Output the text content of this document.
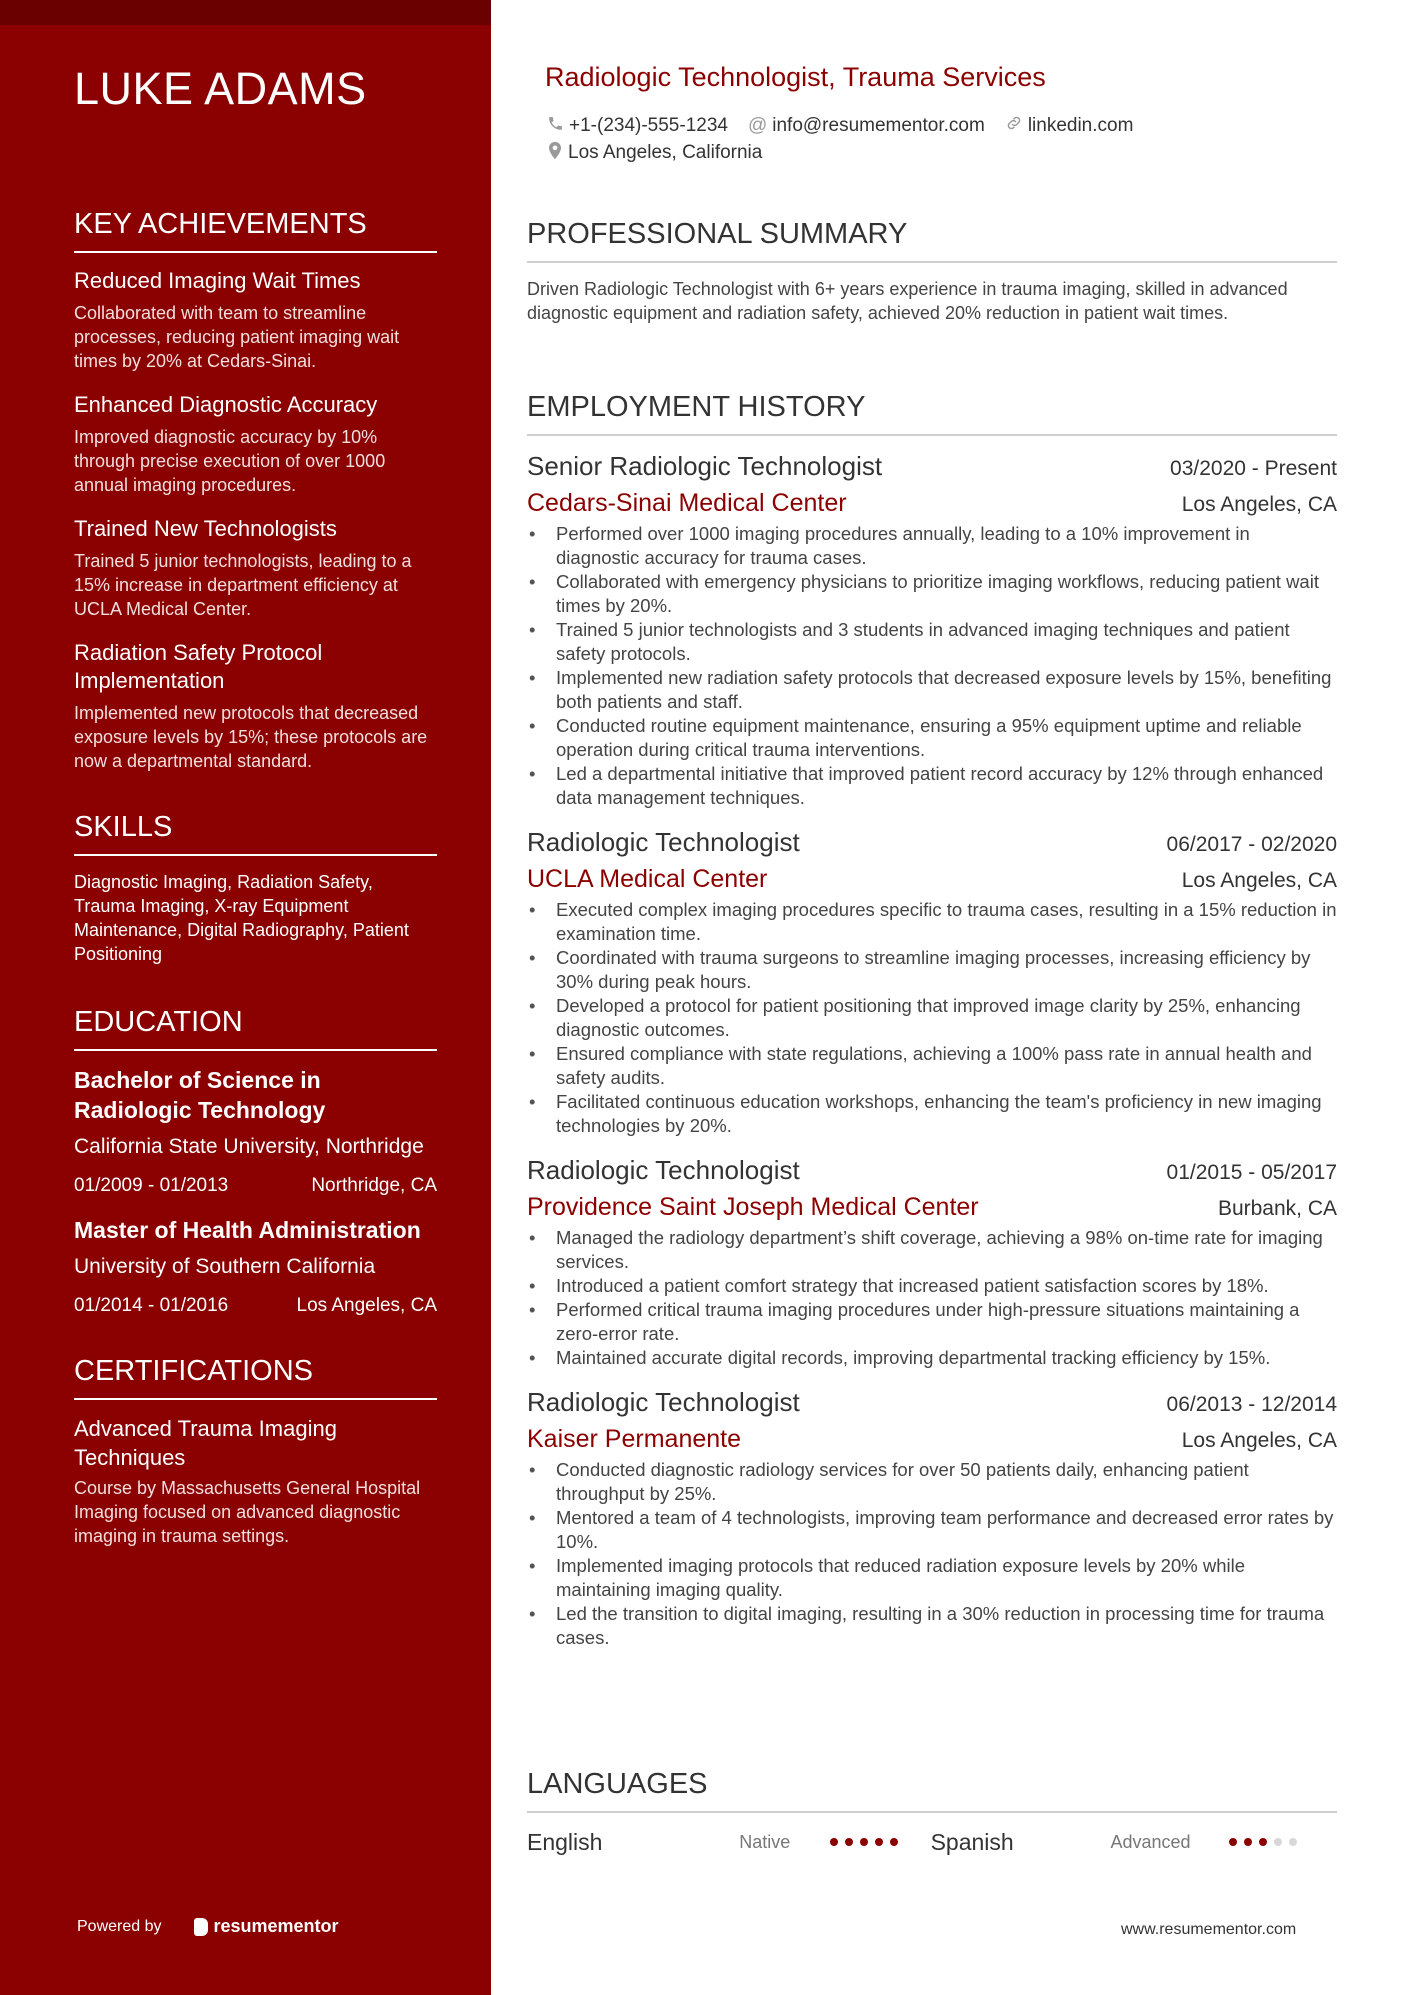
LUKE ADAMS
KEY ACHIEVEMENTS
Reduced Imaging Wait Times
Collaborated with team to streamline processes, reducing patient imaging wait times by 20% at Cedars-Sinai.
Enhanced Diagnostic Accuracy
Improved diagnostic accuracy by 10% through precise execution of over 1000 annual imaging procedures.
Trained New Technologists
Trained 5 junior technologists, leading to a 15% increase in department efficiency at UCLA Medical Center.
Radiation Safety Protocol Implementation
Implemented new protocols that decreased exposure levels by 15%; these protocols are now a departmental standard.
SKILLS
Diagnostic Imaging, Radiation Safety, Trauma Imaging, X-ray Equipment Maintenance, Digital Radiography, Patient Positioning
EDUCATION
Bachelor of Science in Radiologic Technology
California State University, Northridge
01/2009 - 01/2013	Northridge, CA
Master of Health Administration
University of Southern California
01/2014 - 01/2016	Los Angeles, CA
CERTIFICATIONS
Advanced Trauma Imaging Techniques
Course by Massachusetts General Hospital Imaging focused on advanced diagnostic imaging in trauma settings.
Powered by	resumementor
Radiologic Technologist, Trauma Services
+1-(234)-555-1234 @ info@resumementor.com linkedin.com
Los Angeles, California
PROFESSIONAL SUMMARY
Driven Radiologic Technologist with 6+ years experience in trauma imaging, skilled in advanced diagnostic equipment and radiation safety, achieved 20% reduction in patient wait times.
EMPLOYMENT HISTORY
Senior Radiologic Technologist	03/2020 - Present
Cedars-Sinai Medical Center	Los Angeles, CA
• Performed over 1000 imaging procedures annually, leading to a 10% improvement in diagnostic accuracy for trauma cases.
• Collaborated with emergency physicians to prioritize imaging workflows, reducing patient wait times by 20%.
• Trained 5 junior technologists and 3 students in advanced imaging techniques and patient safety protocols.
• Implemented new radiation safety protocols that decreased exposure levels by 15%, benefiting both patients and staff.
• Conducted routine equipment maintenance, ensuring a 95% equipment uptime and reliable operation during critical trauma interventions.
• Led a departmental initiative that improved patient record accuracy by 12% through enhanced data management techniques.
Radiologic Technologist	06/2017 - 02/2020
UCLA Medical Center	Los Angeles, CA
• Executed complex imaging procedures specific to trauma cases, resulting in a 15% reduction in examination time.
• Coordinated with trauma surgeons to streamline imaging processes, increasing efficiency by 30% during peak hours.
• Developed a protocol for patient positioning that improved image clarity by 25%, enhancing diagnostic outcomes.
• Ensured compliance with state regulations, achieving a 100% pass rate in annual health and safety audits.
• Facilitated continuous education workshops, enhancing the team's proficiency in new imaging technologies by 20%.
Radiologic Technologist	01/2015 - 05/2017
Providence Saint Joseph Medical Center	Burbank, CA
• Managed the radiology department’s shift coverage, achieving a 98% on-time rate for imaging services.
• Introduced a patient comfort strategy that increased patient satisfaction scores by 18%.
• Performed critical trauma imaging procedures under high-pressure situations maintaining a zero-error rate.
• Maintained accurate digital records, improving departmental tracking efficiency by 15%.
Radiologic Technologist	06/2013 - 12/2014
Kaiser Permanente	Los Angeles, CA
• Conducted diagnostic radiology services for over 50 patients daily, enhancing patient throughput by 25%.
• Mentored a team of 4 technologists, improving team performance and decreased error rates by 10%.
• Implemented imaging protocols that reduced radiation exposure levels by 20% while maintaining imaging quality.
• Led the transition to digital imaging, resulting in a 30% reduction in processing time for trauma cases.
LANGUAGES
English	Native	Spanish	Advanced
www.resumementor.com
